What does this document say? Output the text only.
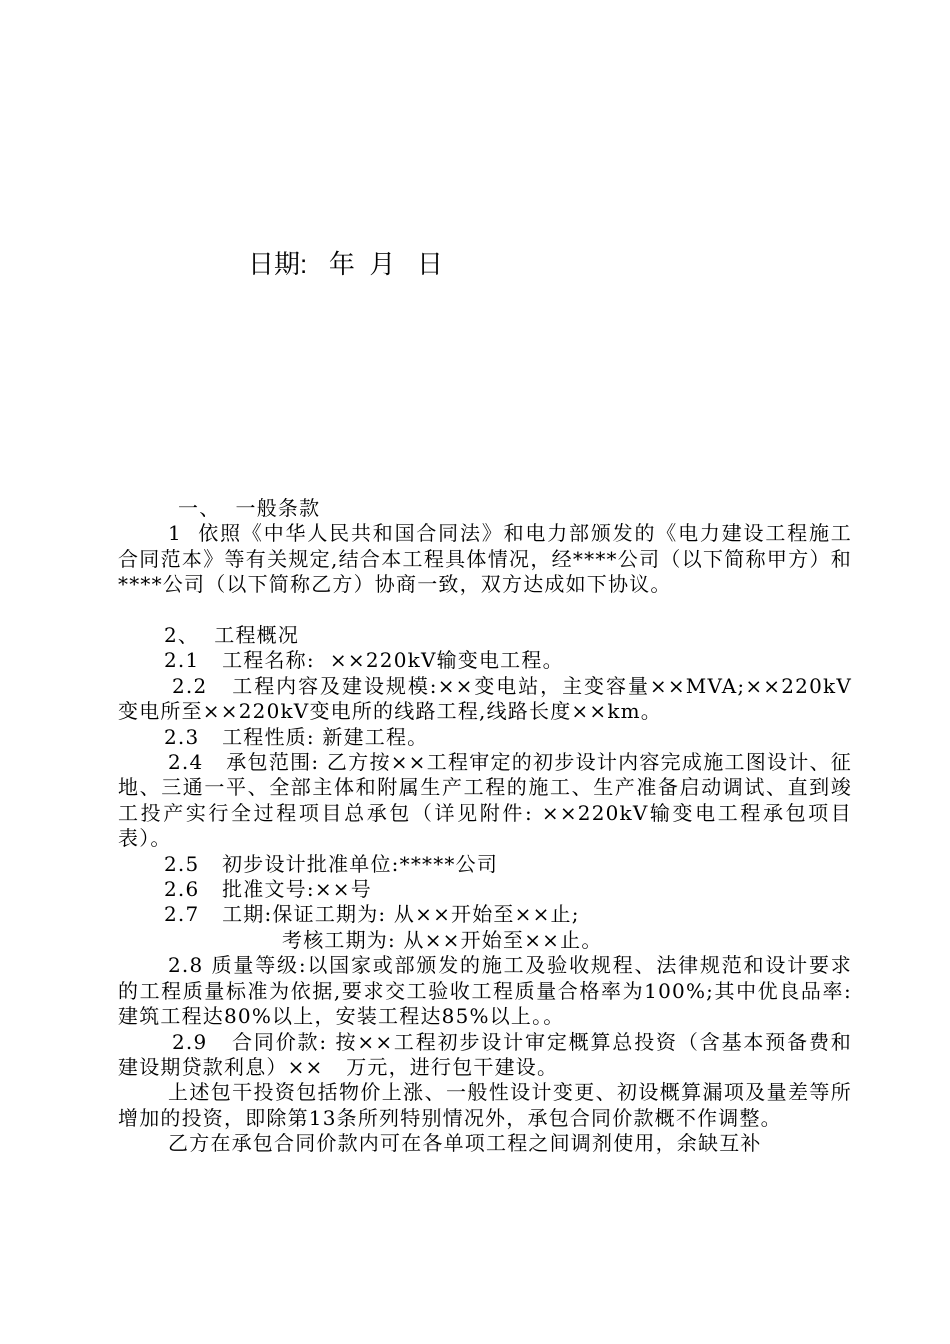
日期:   年  月   日

一、  一般条款

1  依照《中华人民共和国合同法》和电力部颁发的《电力建设工程施工合同范本》等有关规定,结合本工程具体情况，经****公司（以下简称甲方）和****公司（以下简称乙方）协商一致，双方达成如下协议。

2、  工程概况

2.1   工程名称:  ××220kV输变电工程。

2.2   工程内容及建设规模:××变电站，主变容量××MVA;××220kV变电所至××220kV变电所的线路工程,线路长度××km。

2.3   工程性质: 新建工程。

2.4   承包范围: 乙方按××工程审定的初步设计内容完成施工图设计、征地、三通一平、全部主体和附属生产工程的施工、生产准备启动调试、直到竣工投产实行全过程项目总承包（详见附件: ××220kV输变电工程承包项目表）。

2.5   初步设计批准单位:*****公司

2.6   批准文号:××号

2.7   工期:保证工期为: 从××开始至××止;

考核工期为: 从××开始至××止。

2.8 质量等级:以国家或部颁发的施工及验收规程、法律规范和设计要求的工程质量标准为依据,要求交工验收工程质量合格率为100%;其中优良品率: 建筑工程达80%以上，安装工程达85%以上。。

2.9   合同价款: 按××工程初步设计审定概算总投资（含基本预备费和建设期贷款利息）××   万元，进行包干建设。

上述包干投资包括物价上涨、一般性设计变更、初设概算漏项及量差等所增加的投资，即除第13条所列特别情况外，承包合同价款概不作调整。

乙方在承包合同价款内可在各单项工程之间调剂使用，余缺互补
